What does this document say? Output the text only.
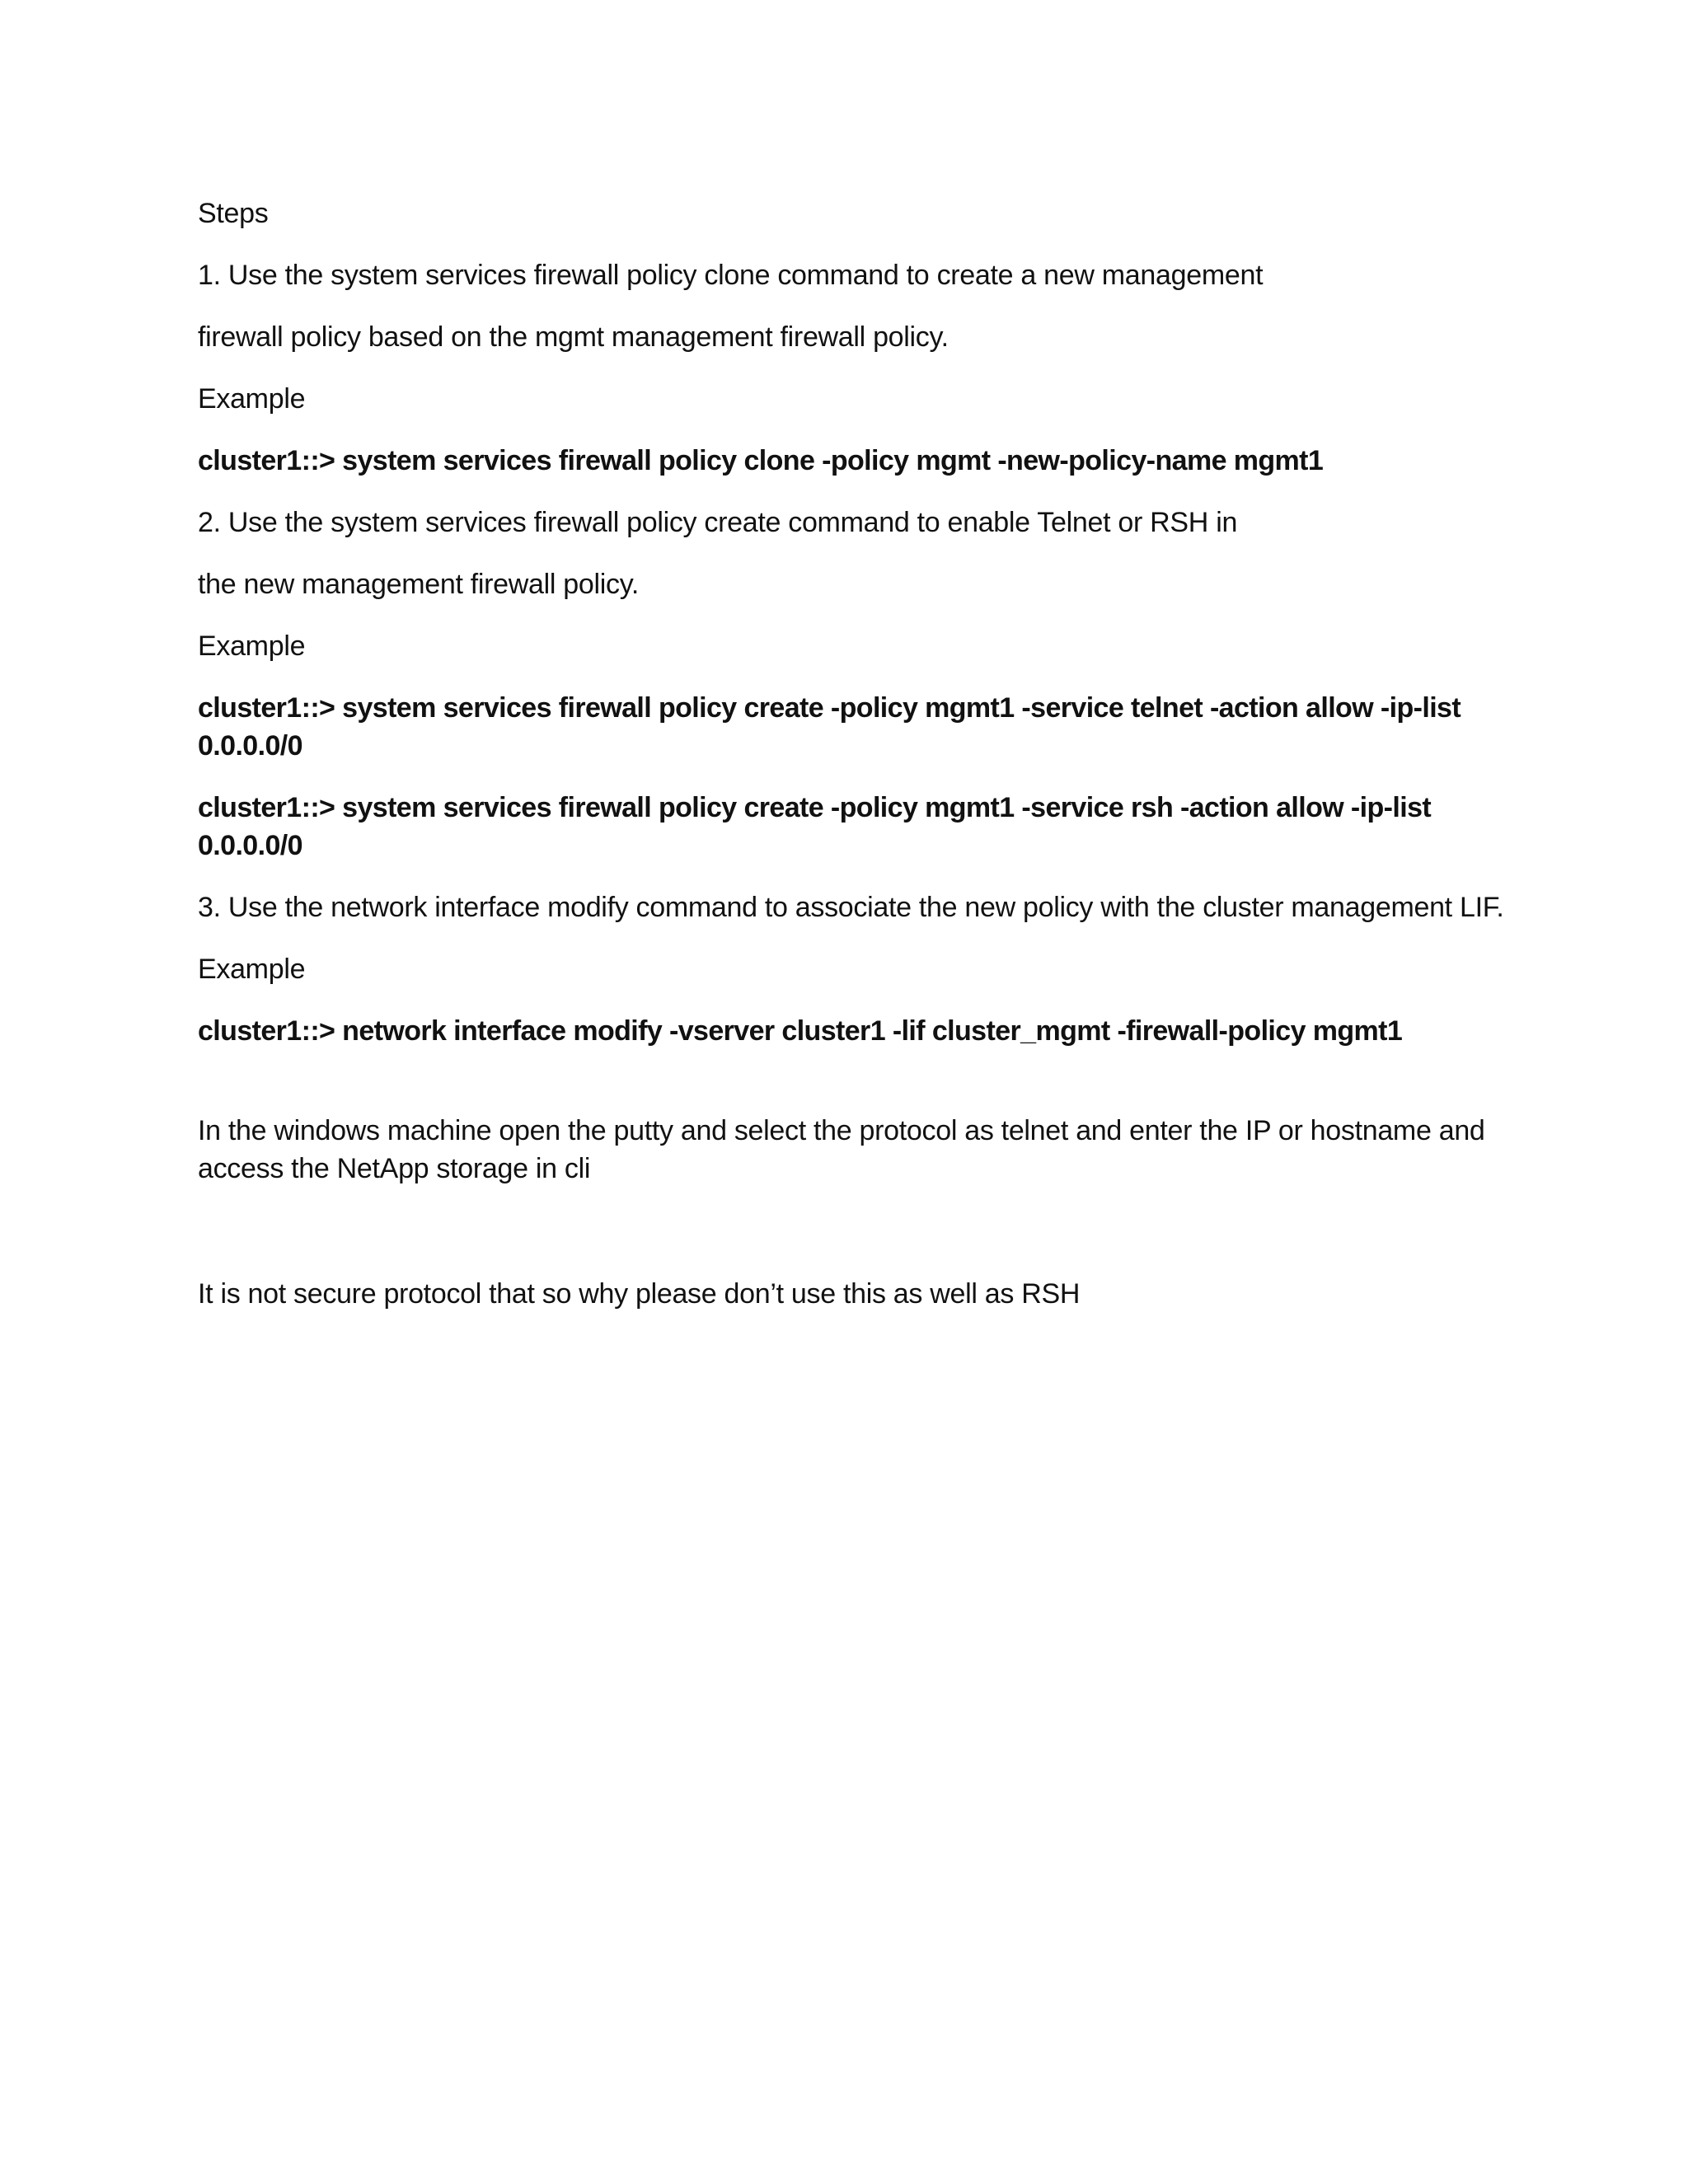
Steps

1. Use the system services firewall policy clone command to create a new management

firewall policy based on the mgmt management firewall policy.

Example

cluster1::> system services firewall policy clone -policy mgmt -new-policy-name mgmt1

2. Use the system services firewall policy create command to enable Telnet or RSH in

the new management firewall policy.

Example

cluster1::> system services firewall policy create -policy mgmt1 -service telnet -action allow -ip-list 0.0.0.0/0

cluster1::> system services firewall policy create -policy mgmt1 -service rsh -action allow -ip-list 0.0.0.0/0

3. Use the network interface modify command to associate the new policy with the cluster management LIF.

Example

cluster1::> network interface modify -vserver cluster1 -lif cluster_mgmt -firewall-policy mgmt1

In the windows machine open the putty and select the protocol as telnet and enter the IP or hostname and access the NetApp storage in cli

It is not secure protocol that so why please don’t use this as well as RSH
